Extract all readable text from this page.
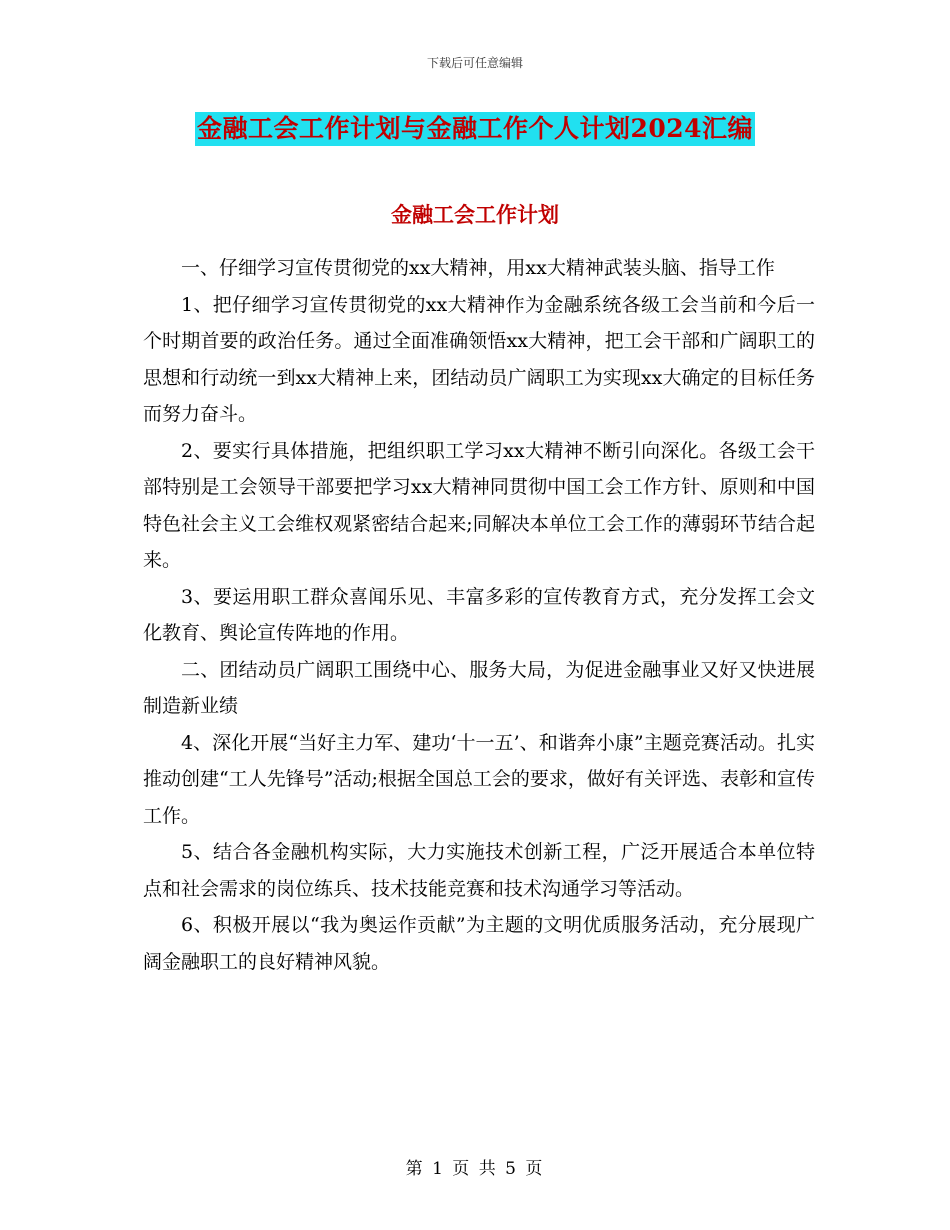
下载后可任意编辑
金融工会工作计划与金融工作个人计划2024汇编
金融工会工作计划

一、仔细学习宣传贯彻党的xx大精神，用xx大精神武装头脑、指导工作

1、把仔细学习宣传贯彻党的xx大精神作为金融系统各级工会当前和今后一个时期首要的政治任务。通过全面准确领悟xx大精神，把工会干部和广阔职工的思想和行动统一到xx大精神上来，团结动员广阔职工为实现xx大确定的目标任务而努力奋斗。

2、要实行具体措施，把组织职工学习xx大精神不断引向深化。各级工会干部特别是工会领导干部要把学习xx大精神同贯彻中国工会工作方针、原则和中国特色社会主义工会维权观紧密结合起来;同解决本单位工会工作的薄弱环节结合起来。

3、要运用职工群众喜闻乐见、丰富多彩的宣传教育方式，充分发挥工会文化教育、舆论宣传阵地的作用。

二、团结动员广阔职工围绕中心、服务大局，为促进金融事业又好又快进展制造新业绩

4、深化开展“当好主力军、建功‘十一五’、和谐奔小康”主题竞赛活动。扎实推动创建“工人先锋号”活动;根据全国总工会的要求，做好有关评选、表彰和宣传工作。

5、结合各金融机构实际，大力实施技术创新工程，广泛开展适合本单位特点和社会需求的岗位练兵、技术技能竞赛和技术沟通学习等活动。

6、积极开展以“我为奥运作贡献”为主题的文明优质服务活动，充分展现广阔金融职工的良好精神风貌。

第 1 页 共 5 页
